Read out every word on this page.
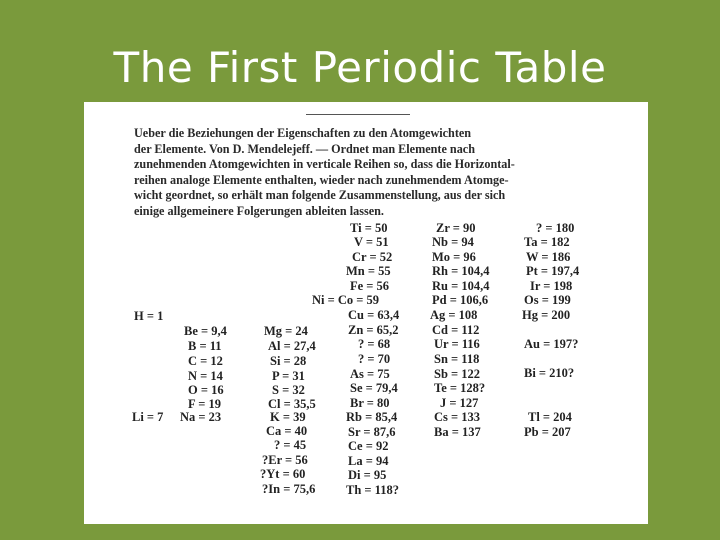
The First Periodic Table
Ueber die Beziehungen der Eigenschaften zu den Atomgewichten
der Elemente. Von D. Mendelejeff. — Ordnet man Elemente nach
zunehmenden Atomgewichten in verticale Reihen so, dass die Horizontal-
reihen analoge Elemente enthalten, wieder nach zunehmendem Atomge-
wicht geordnet, so erhält man folgende Zusammenstellung, aus der sich
einige allgemeinere Folgerungen ableiten lassen.
H = 1
Li = 7
Be = 9,4
B = 11
C = 12
N = 14
O = 16
F = 19
Na = 23
Mg = 24
Al = 27,4
Si = 28
P = 31
S = 32
Cl = 35,5
K = 39
Ca = 40
? = 45
?Er = 56
?Yt = 60
?In = 75,6
Ti = 50
V = 51
Cr = 52
Mn = 55
Fe = 56
Ni = Co = 59
Cu = 63,4
Zn = 65,2
? = 68
? = 70
As = 75
Se = 79,4
Br = 80
Rb = 85,4
Sr = 87,6
Ce = 92
La = 94
Di = 95
Th = 118?
Zr = 90
Nb = 94
Mo = 96
Rh = 104,4
Ru = 104,4
Pd = 106,6
Ag = 108
Cd = 112
Ur = 116
Sn = 118
Sb = 122
Te = 128?
J = 127
Cs = 133
Ba = 137
? = 180
Ta = 182
W = 186
Pt = 197,4
Ir = 198
Os = 199
Hg = 200
Au = 197?
Bi = 210?
Tl = 204
Pb = 207
